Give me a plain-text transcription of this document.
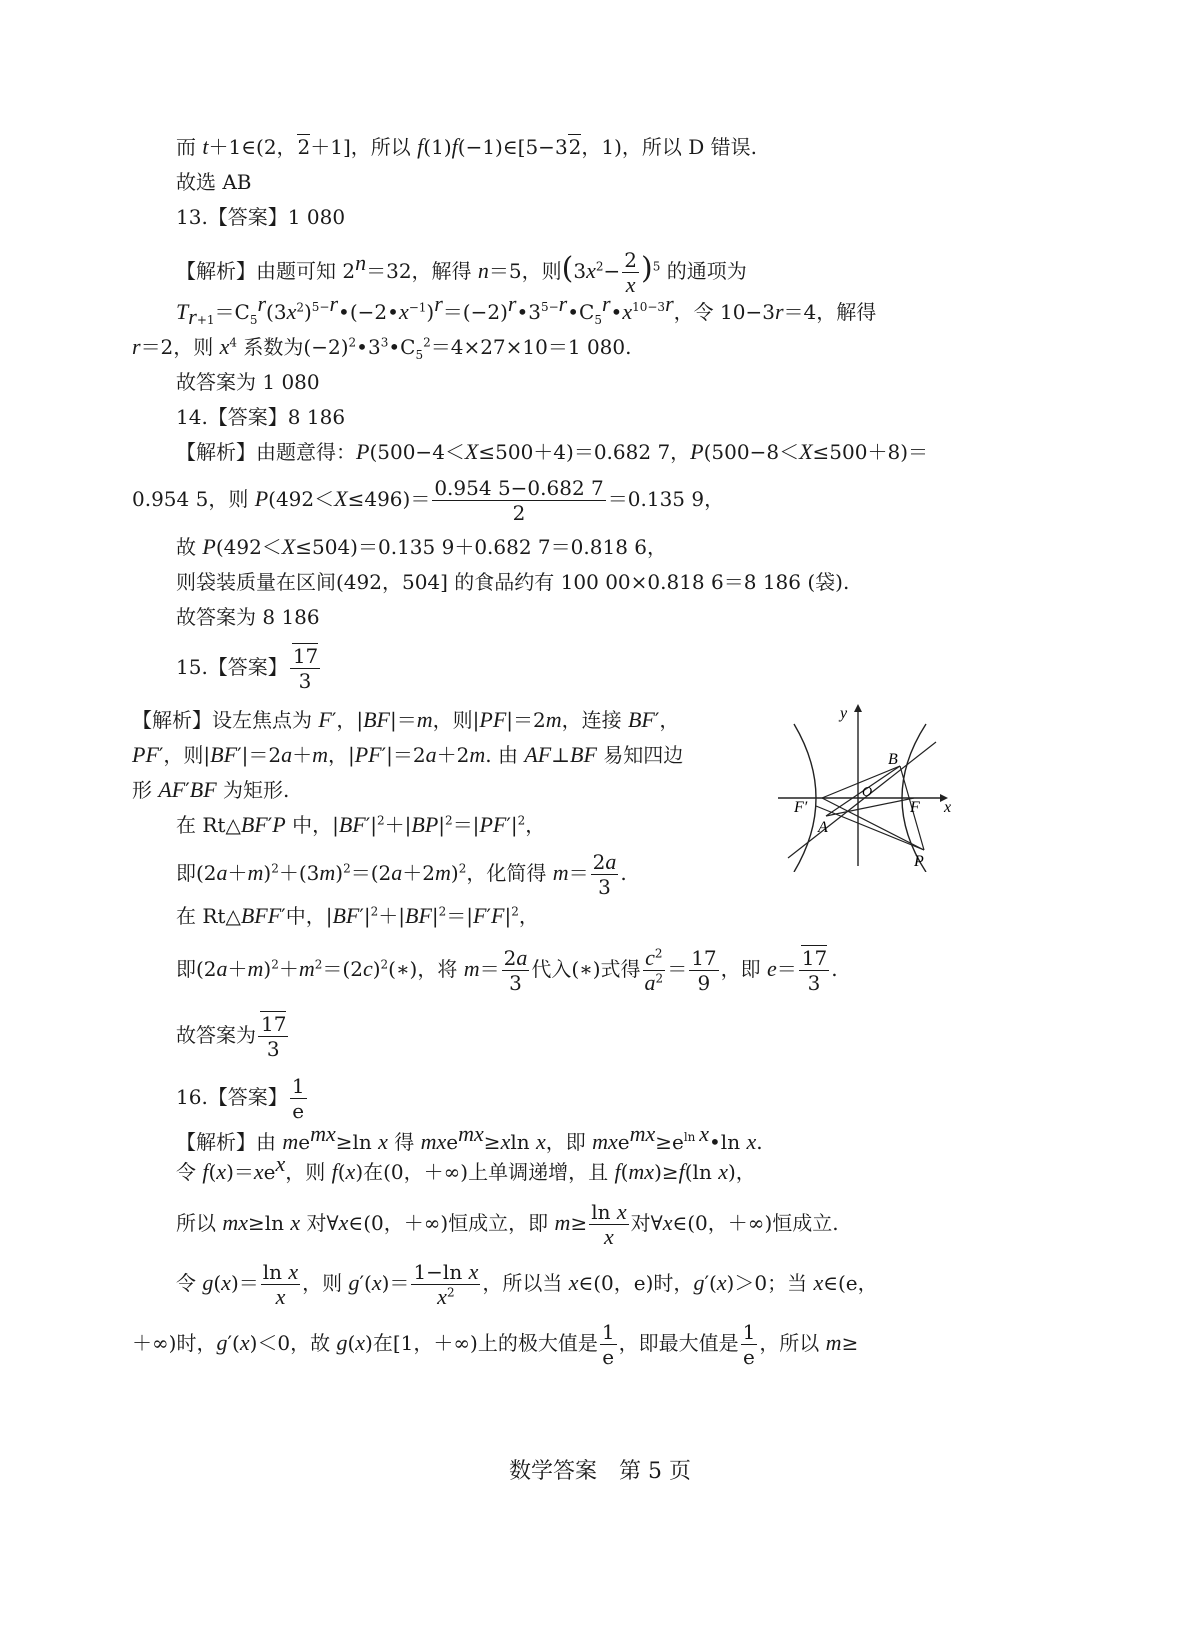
而 t＋1∈(2，2＋1]，所以 f(1)f(−1)∈[5−32，1)，所以 D 错误.
故选 AB
13.【答案】1 080
【解析】由题可知 $2^n=32$，解得 n＝5，则$(3x^2- \frac{2}{x} )^5$ 的通项为
$T_{r+1}=C_5^r(3x^2)^{5-r}•(-2•x^{-1})^r=(-2)^r•3^{5-r}•C_5^r•x^{10-3r}$，令 10−3r＝4，解得
r＝2，则 $x^4$ 系数为$(-2)^2•3^3•C_5^2=4\times 27\times 10=1$ 080.
故答案为 1 080
14.【答案】8 186
【解析】由题意得：P(500−4＜X≤500＋4)＝0.682 7，P(500−8＜X≤500＋8)＝
0.954 5，则 $P(492<X\le 496)= \frac{0.954 5-0.682 7}{2} =0.135$ 9，
故 P(492＜X≤504)＝0.135 9＋0.682 7＝0.818 6，
则袋装质量在区间(492，504] 的食品约有 100 00×0.818 6＝8 186 (袋).
故答案为 8 186
15.【答案】 $\frac{17}{3}$
【解析】设左焦点为 F′，|BF|＝m，则|PF|＝2m，连接 BF′，
PF′，则|BF′|＝2a＋m，|PF′|＝2a＋2m. 由 AF⊥BF 易知四边
形 AF′BF 为矩形.
在 Rt△BF′P 中，$|BF'|^2+|BP|^2=|PF'|^2$，
即$(2a+m)^2+(3m)^2=(2a+2m)^2$，化简得 $m= \frac{2a}{3}$ .
在 Rt△BFF′中，$|BF'|^2+|BF|^2=|F'F|^2$，
即$(2a+m)^2+m^2=(2c)^2(∗)$，将 $m= \frac{2a}{3}$ 代入(∗)式得 $\frac{c^2}{a^2} = \frac{17}{9}$ ，即 $e= \frac{17}{3}$ .
故答案为 $\frac{17}{3}$
16.【答案】 $\frac{1}{e}$
【解析】由 $me^{mx}\ge\ln$ x 得 mxe$^{mx}$≥xln x，即 $mxe^{mx}\ge e^{ln x}•\ln$ x.
令 $f(x)=xe^x$，则 f(x)在(0，＋∞)上单调递增，且 f(mx)≥f(ln x)，
所以 mx≥ln x 对∀x∈(0，＋∞)恒成立，即 $m\ge \frac{\text{ln x}}{x}$ 对∀x∈(0，＋∞)恒成立.
令 $g(x)= \frac{\text{ln x}}{x}$ ，则 $g'(x)= \frac{\text{1−ln x}}{x^2}$ ，所以当 x∈(0，e)时，g′(x)＞0；当 x∈(e，
＋∞)时，g′(x)＜0，故 g(x)在[1，＋∞)上的极大值是 $\frac{1}{e}$ ，即最大值是 $\frac{1}{e}$ ，所以 m≥
y
x
B
F′
O
F
A
P
数学答案　第 5 页
